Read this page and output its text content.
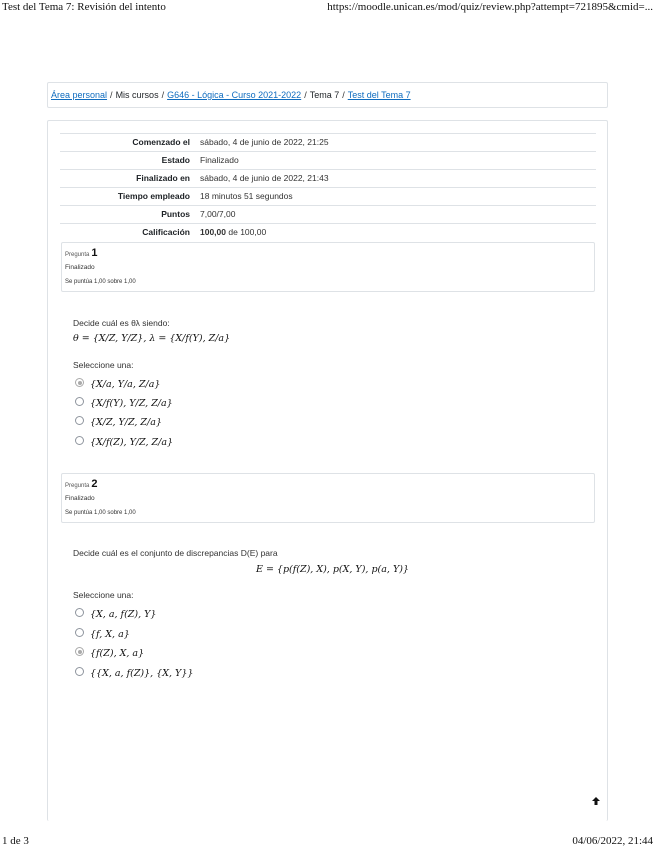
Test del Tema 7: Revisión del intento	https://moodle.unican.es/mod/quiz/review.php?attempt=721895&cmid=...
Área personal / Mis cursos / G646 - Lógica - Curso 2021-2022 / Tema 7 / Test del Tema 7
Comenzado el	sábado, 4 de junio de 2022, 21:25
Estado	Finalizado
Finalizado en	sábado, 4 de junio de 2022, 21:43
Tiempo empleado	18 minutos 51 segundos
Puntos	7,00/7,00
Calificación	100,00 de 100,00
Pregunta 1
Finalizado
Se puntúa 1,00 sobre 1,00
Decide cuál es θλ siendo:
θ = {X/Z, Y/Z}, λ = {X/f(Y), Z/a}
Seleccione una:
{X/a, Y/a, Z/a}
{X/f(Y), Y/Z, Z/a}
{X/Z, Y/Z, Z/a}
{X/f(Z), Y/Z, Z/a}
Pregunta 2
Finalizado
Se puntúa 1,00 sobre 1,00
Decide cuál es el conjunto de discrepancias D(E) para
E = {p(f(Z), X), p(X, Y), p(a, Y)}
Seleccione una:
{X, a, f(Z), Y}
{f, X, a}
{f(Z), X, a}
{{X, a, f(Z)}, {X, Y}}
1 de 3	04/06/2022, 21:44
